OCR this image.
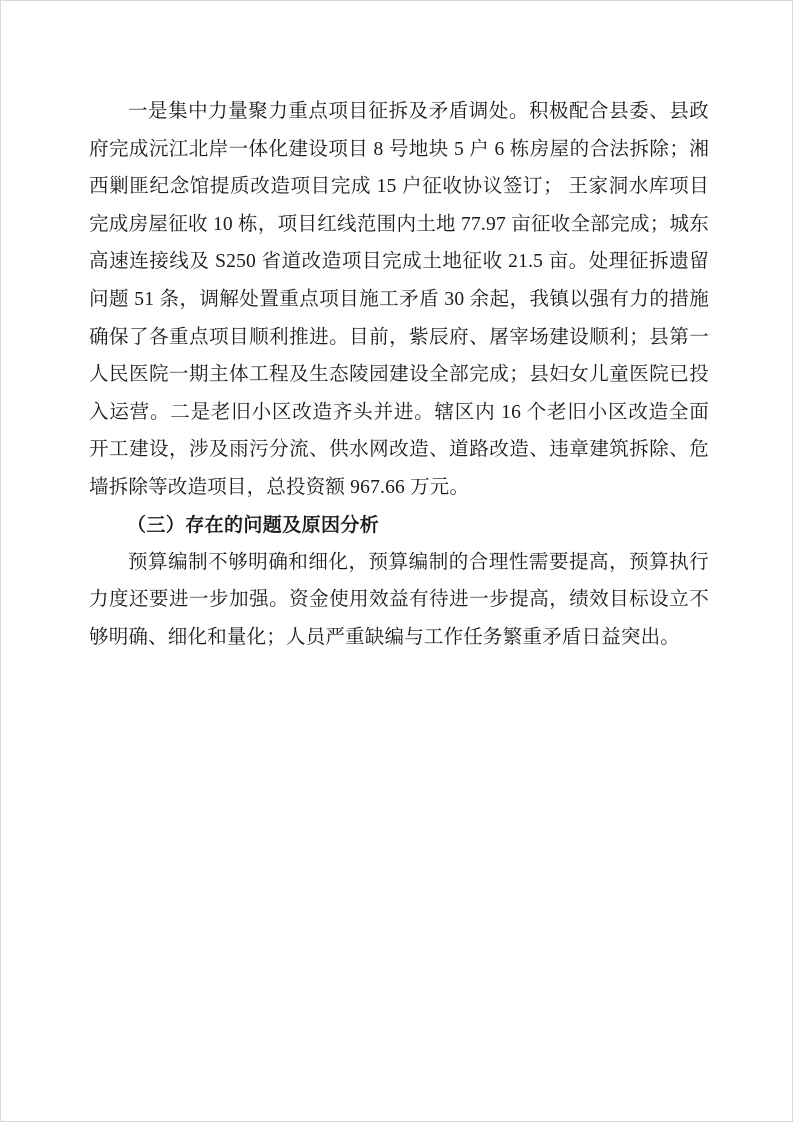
一是集中力量聚力重点项目征拆及矛盾调处。积极配合县委、县政府完成沅江北岸一体化建设项目 8 号地块 5 户 6 栋房屋的合法拆除；湘西剿匪纪念馆提质改造项目完成 15 户征收协议签订； 王家洞水库项目完成房屋征收 10 栋，项目红线范围内土地 77.97 亩征收全部完成；城东高速连接线及 S250 省道改造项目完成土地征收 21.5 亩。处理征拆遗留问题 51 条，调解处置重点项目施工矛盾 30 余起，我镇以强有力的措施确保了各重点项目顺利推进。目前，紫辰府、屠宰场建设顺利；县第一人民医院一期主体工程及生态陵园建设全部完成；县妇女儿童医院已投入运营。二是老旧小区改造齐头并进。辖区内 16 个老旧小区改造全面开工建设，涉及雨污分流、供水网改造、道路改造、违章建筑拆除、危墙拆除等改造项目，总投资额 967.66 万元。

（三）存在的问题及原因分析

预算编制不够明确和细化，预算编制的合理性需要提高，预算执行力度还要进一步加强。资金使用效益有待进一步提高，绩效目标设立不够明确、细化和量化；人员严重缺编与工作任务繁重矛盾日益突出。
